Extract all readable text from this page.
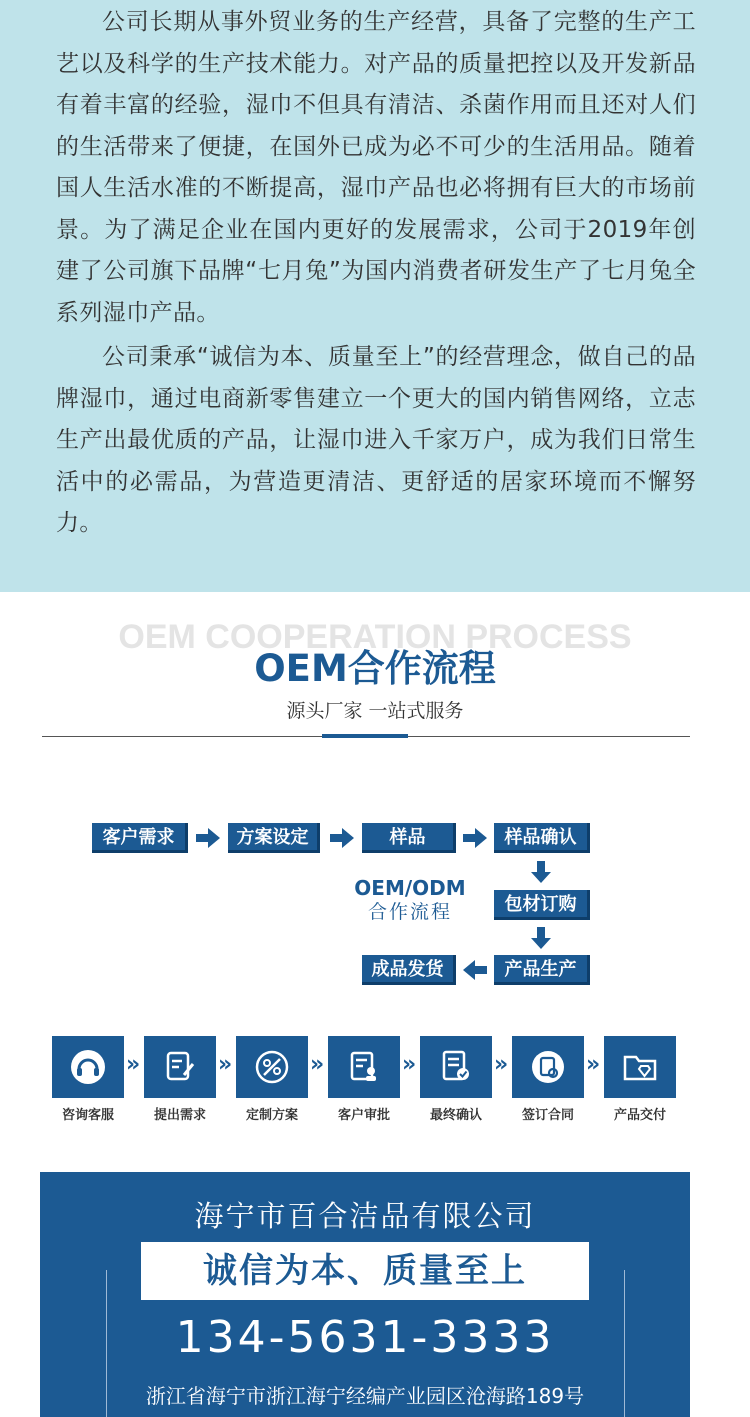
公司长期从事外贸业务的生产经营，具备了完整的生产工艺以及科学的生产技术能力。对产品的质量把控以及开发新品有着丰富的经验，湿巾不但具有清洁、杀菌作用而且还对人们的生活带来了便捷，在国外已成为必不可少的生活用品。随着国人生活水准的不断提高，湿巾产品也必将拥有巨大的市场前景。为了满足企业在国内更好的发展需求，公司于2019年创建了公司旗下品牌“七月兔”为国内消费者研发生产了七月兔全系列湿巾产品。

公司秉承“诚信为本、质量至上”的经营理念，做自己的品牌湿巾，通过电商新零售建立一个更大的国内销售网络，立志生产出最优质的产品，让湿巾进入千家万户，成为我们日常生活中的必需品，为营造更清洁、更舒适的居家环境而不懈努力。

OEM COOPERATION PROCESS
OEM合作流程
源头厂家 一站式服务
客户需求	方案设定	样品	样品确认
包材订购
产品生产
成品发货
OEM/ODM
合作流程
»	»	»	»	»	»
咨询客服	提出需求	定制方案	客户审批	最终确认	签订合同	产品交付
海宁市百合洁品有限公司
诚信为本、质量至上
134-5631-3333
浙江省海宁市浙江海宁经编产业园区沧海路189号
